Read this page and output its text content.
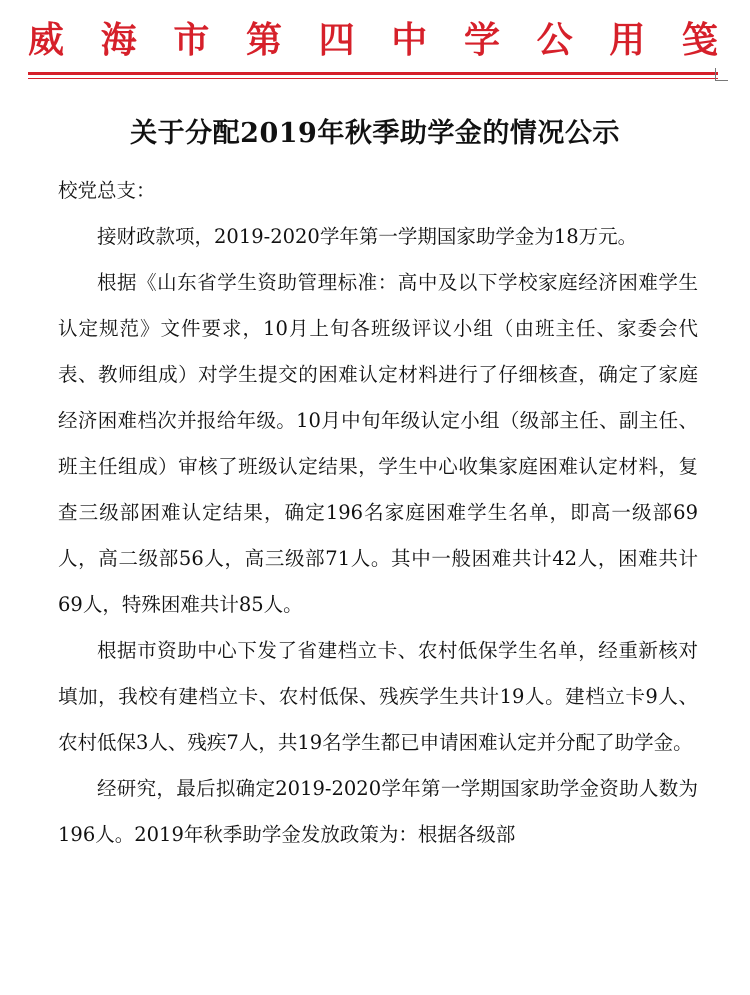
威 海 市 第 四 中 学 公 用 笺
关于分配2019年秋季助学金的情况公示

校党总支：

接财政款项，2019-2020学年第一学期国家助学金为18万元。

根据《山东省学生资助管理标准：高中及以下学校家庭经济困难学生认定规范》文件要求，10月上旬各班级评议小组（由班主任、家委会代表、教师组成）对学生提交的困难认定材料进行了仔细核查，确定了家庭经济困难档次并报给年级。10月中旬年级认定小组（级部主任、副主任、班主任组成）审核了班级认定结果，学生中心收集家庭困难认定材料，复查三级部困难认定结果，确定196名家庭困难学生名单，即高一级部69人，高二级部56人，高三级部71人。其中一般困难共计42人，困难共计69人，特殊困难共计85人。

根据市资助中心下发了省建档立卡、农村低保学生名单，经重新核对填加，我校有建档立卡、农村低保、残疾学生共计19人。建档立卡9人、农村低保3人、残疾7人，共19名学生都已申请困难认定并分配了助学金。

经研究，最后拟确定2019-2020学年第一学期国家助学金资助人数为196人。2019年秋季助学金发放政策为：根据各级部
